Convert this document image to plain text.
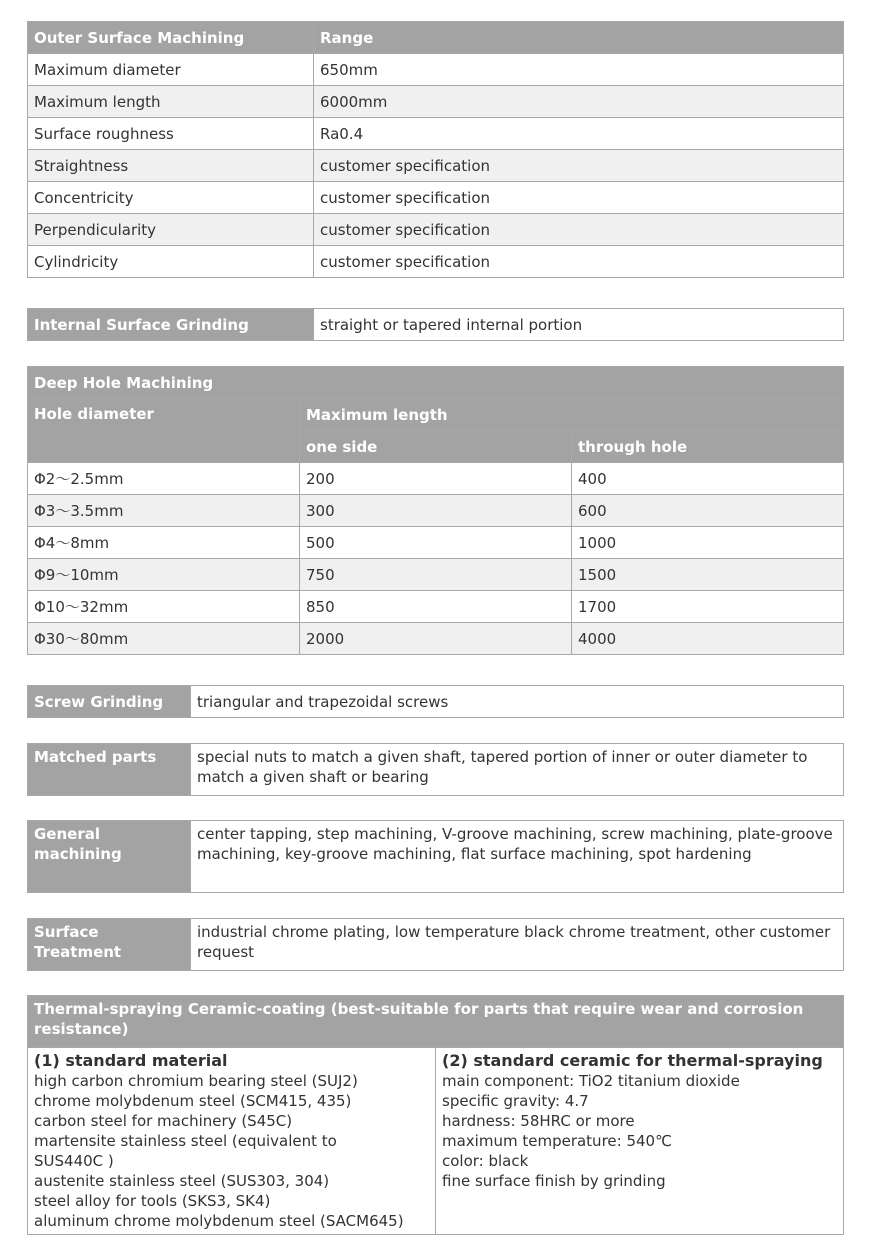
Outer Surface Machining	Range
Maximum diameter	650mm
Maximum length	6000mm
Surface roughness	Ra0.4
Straightness	customer specification
Concentricity	customer specification
Perpendicularity	customer specification
Cylindricity	customer specification
Internal Surface Grinding	straight or tapered internal portion
Deep Hole Machining		
Hole diameter	Maximum length	
	one side	through hole
Φ2〜2.5mm	200	400
Φ3〜3.5mm	300	600
Φ4〜8mm	500	1000
Φ9〜10mm	750	1500
Φ10〜32mm	850	1700
Φ30〜80mm	2000	4000
Screw Grinding	triangular and trapezoidal screws
Matched parts	special nuts to match a given shaft, tapered portion of inner or outer diameter to match a given shaft or bearing
General machining	center tapping, step machining, V-groove machining, screw machining, plate-groove machining, key-groove machining, flat surface machining, spot hardening
Surface Treatment	industrial chrome plating, low temperature black chrome treatment, other customer request
Thermal-spraying Ceramic-coating (best-suitable for parts that require wear and corrosion resistance)

(1) standard material
high carbon chromium bearing steel (SUJ2)
chrome molybdenum steel (SCM415, 435)
carbon steel for machinery (S45C)
martensite stainless steel (equivalent to
SUS440C )
austenite stainless steel (SUS303, 304)
steel alloy for tools (SKS3, SK4)
aluminum chrome molybdenum steel (SACM645)

(2) standard ceramic for thermal-spraying
main component: TiO2 titanium dioxide
specific gravity: 4.7
hardness: 58HRC or more
maximum temperature: 540℃
color: black
fine surface finish by grinding
